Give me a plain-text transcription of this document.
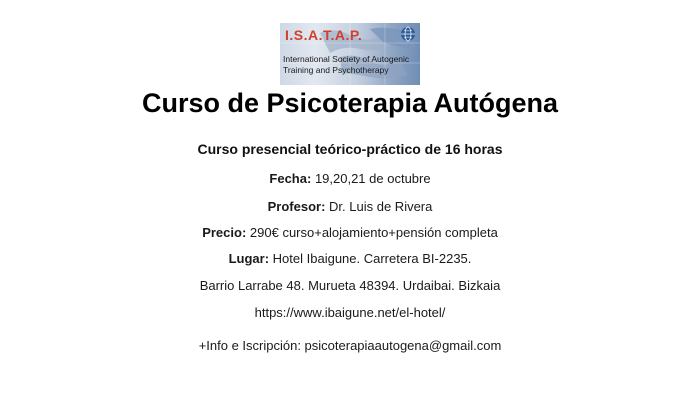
I.S.A.T.A.P.
International Society of Autogenic
Training and Psychotherapy
Curso de Psicoterapia Autógena
Curso presencial teórico-práctico de 16 horas
Fecha: 19,20,21 de octubre
Profesor: Dr. Luis de Rivera
Precio: 290€ curso+alojamiento+pensión completa
Lugar: Hotel Ibaigune. Carretera BI-2235.
Barrio Larrabe 48. Murueta 48394. Urdaibai. Bizkaia
https://www.ibaigune.net/el-hotel/
+Info e Iscripción: psicoterapiaautogena@gmail.com
